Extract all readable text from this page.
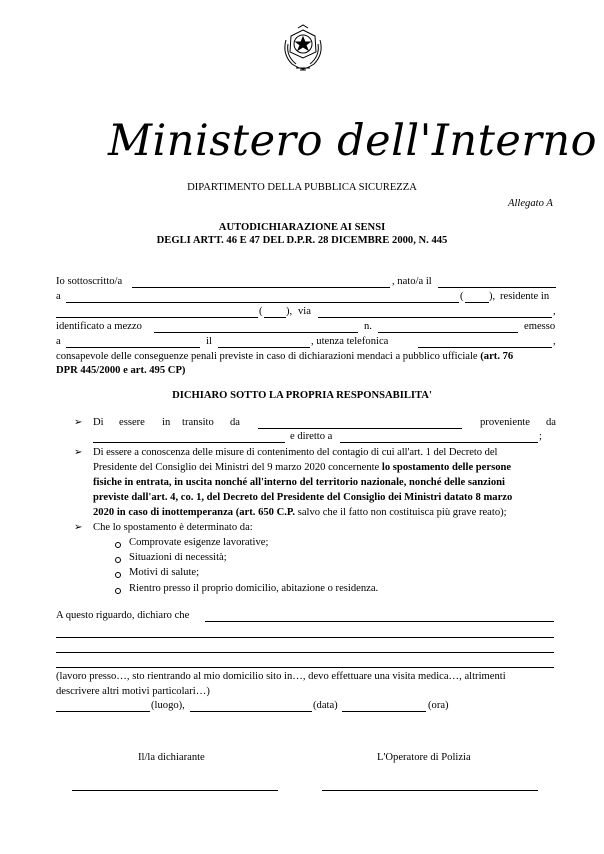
Ministero dell'Interno
DIPARTIMENTO DELLA PUBBLICA SICUREZZA
Allegato A
AUTODICHIARAZIONE AI SENSI
DEGLI ARTT. 46 E 47 DEL D.P.R. 28 DICEMBRE 2000, N. 445
Io sottoscritto/a	, nato/a il
a	( ), residente in
( ), via	,
identificato a mezzo	n.	emesso
a	il	, utenza telefonica	,
consapevole delle conseguenze penali previste in caso di dichiarazioni mendaci a pubblico ufficiale (art. 76
DPR 445/2000 e art. 495 CP)
DICHIARO SOTTO LA PROPRIA RESPONSABILITA'
➢ Di essere in transito da	proveniente da
e diretto a	;
➢ Di essere a conoscenza delle misure di contenimento del contagio di cui all'art. 1 del Decreto del
Presidente del Consiglio dei Ministri del 9 marzo 2020 concernente lo spostamento delle persone
fisiche in entrata, in uscita nonché all'interno del territorio nazionale, nonché delle sanzioni
previste dall'art. 4, co. 1, del Decreto del Presidente del Consiglio dei Ministri datato 8 marzo
2020 in caso di inottemperanza (art. 650 C.P. salvo che il fatto non costituisca più grave reato);
➢ Che lo spostamento è determinato da:
Comprovate esigenze lavorative;
Situazioni di necessità;
Motivi di salute;
Rientro presso il proprio domicilio, abitazione o residenza.
A questo riguardo, dichiaro che
(lavoro presso…, sto rientrando al mio domicilio sito in…, devo effettuare una visita medica…, altrimenti
descrivere altri motivi particolari…)
(luogo),	(data)	(ora)
Il/la dichiarante	L'Operatore di Polizia
